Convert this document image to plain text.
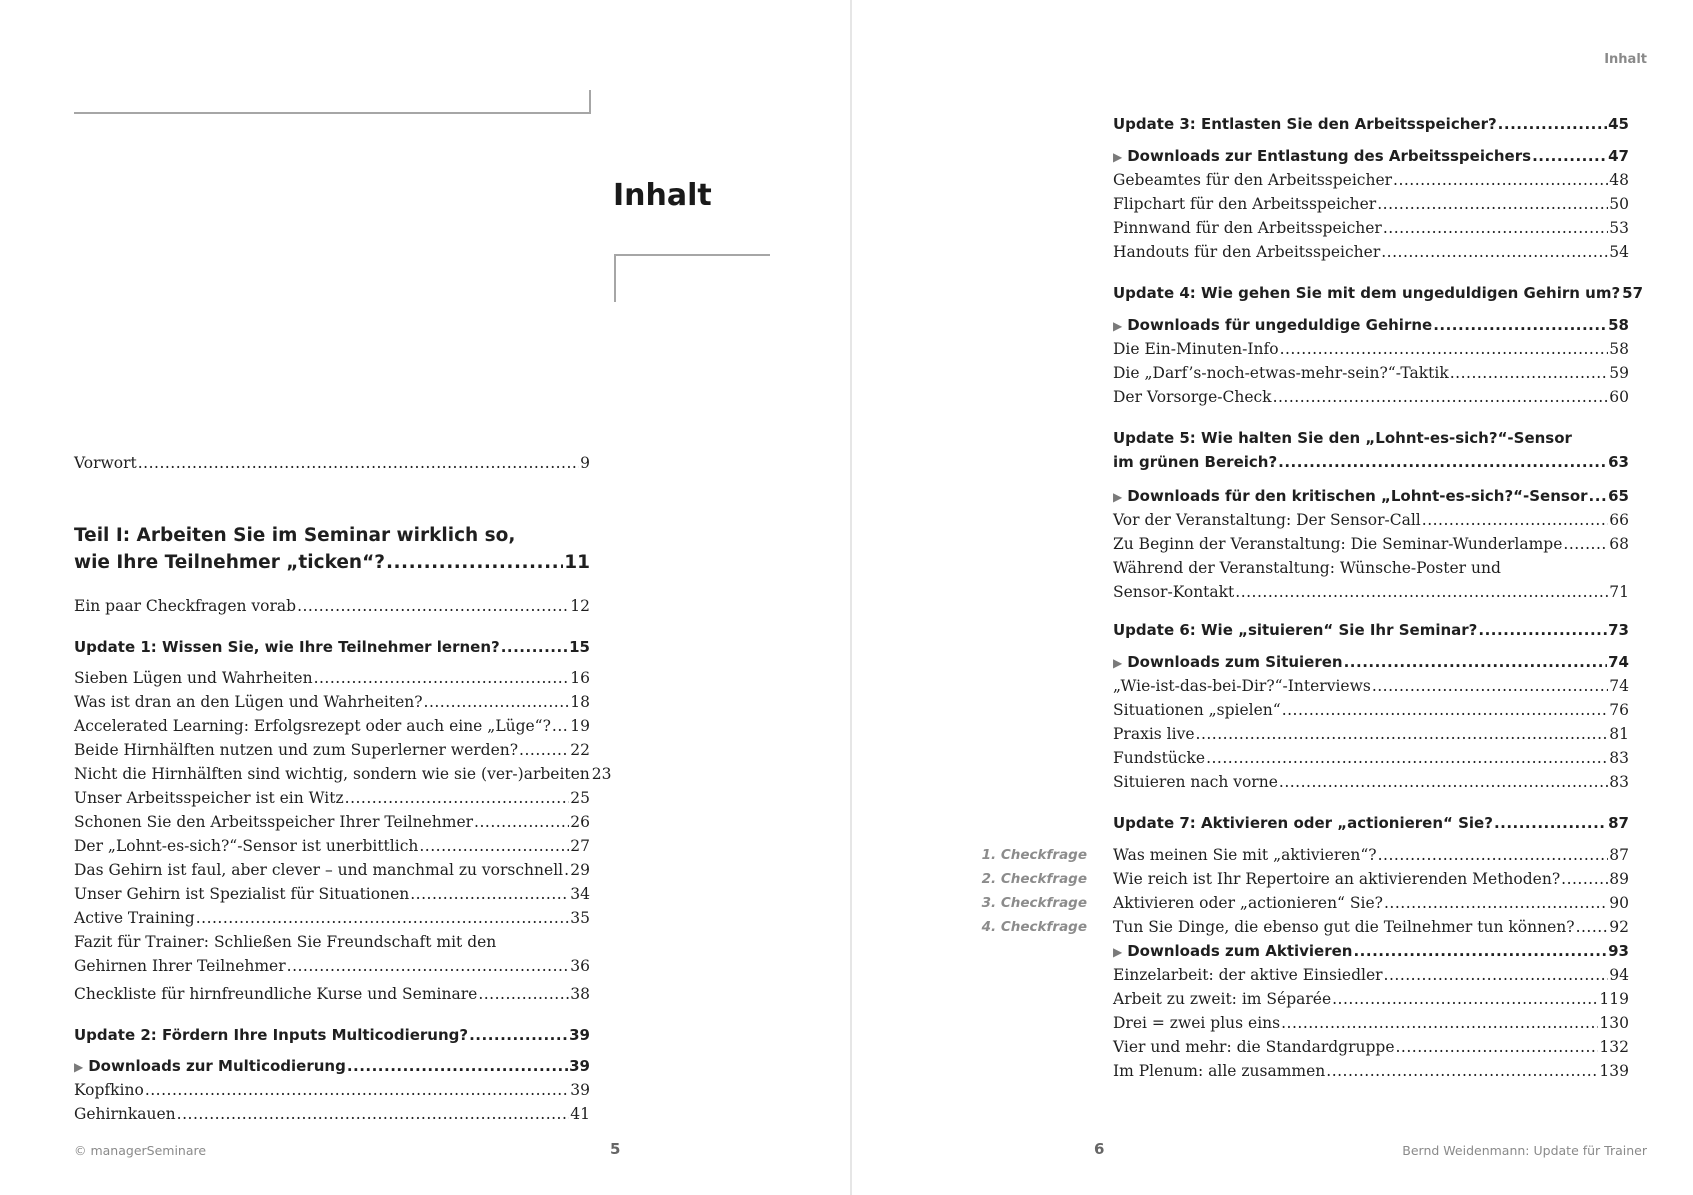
Inhalt
Vorwort .....	9
Teil I: Arbeiten Sie im Seminar wirklich so,
wie Ihre Teilnehmer „ticken“? .....	11
Ein paar Checkfragen vorab .....	12
Update 1: Wissen Sie, wie Ihre Teilnehmer lernen? .....	15
Sieben Lügen und Wahrheiten .....	16
Was ist dran an den Lügen und Wahrheiten? .....	18
Accelerated Learning: Erfolgsrezept oder auch eine „Lüge“? ..... 19
Beide Hirnhälften nutzen und zum Superlerner werden? .....	22
Nicht die Hirnhälften sind wichtig, sondern wie sie (ver-)arbeiten 23
Unser Arbeitsspeicher ist ein Witz .....	25
Schonen Sie den Arbeitsspeicher Ihrer Teilnehmer .....	26
Der „Lohnt-es-sich?“-Sensor ist unerbittlich .....	27
Das Gehirn ist faul, aber clever – und manchmal zu vorschnell ..... 29
Unser Gehirn ist Spezialist für Situationen .....	34
Active Training .....	35
Fazit für Trainer: Schließen Sie Freundschaft mit den
Gehirnen Ihrer Teilnehmer .....	36
Checkliste für hirnfreundliche Kurse und Seminare .....	38
Update 2: Fördern Ihre Inputs Multicodierung? .....	39
▶ Downloads zur Multicodierung .....	39
Kopfkino .....	39
Gehirnkauen .....	41
© managerSeminare	5
Inhalt
Update 3: Entlasten Sie den Arbeitsspeicher? .....	45
▶ Downloads zur Entlastung des Arbeitsspeichers .....	47
Gebeamtes für den Arbeitsspeicher .....	48
Flipchart für den Arbeitsspeicher .....	50
Pinnwand für den Arbeitsspeicher .....	53
Handouts für den Arbeitsspeicher .....	54
Update 4: Wie gehen Sie mit dem ungeduldigen Gehirn um? 57
▶ Downloads für ungeduldige Gehirne .....	58
Die Ein-Minuten-Info .....	58
Die „Darf’s-noch-etwas-mehr-sein?“-Taktik .....	59
Der Vorsorge-Check .....	60
Update 5: Wie halten Sie den „Lohnt-es-sich?“-Sensor
im grünen Bereich? .....	63
▶ Downloads für den kritischen „Lohnt-es-sich?“-Sensor ..... 65
Vor der Veranstaltung: Der Sensor-Call .....	66
Zu Beginn der Veranstaltung: Die Seminar-Wunderlampe .....	68
Während der Veranstaltung: Wünsche-Poster und
Sensor-Kontakt .....	71
Update 6: Wie „situieren“ Sie Ihr Seminar? .....	73
▶ Downloads zum Situieren .....	74
„Wie-ist-das-bei-Dir?“-Interviews .....	74
Situationen „spielen“ .....	76
Praxis live .....	81
Fundstücke .....	83
Situieren nach vorne .....	83
Update 7: Aktivieren oder „actionieren“ Sie? .....	87
1. Checkfrage Was meinen Sie mit „aktivieren“? .....	87
2. Checkfrage Wie reich ist Ihr Repertoire an aktivierenden Methoden? .....	89
3. Checkfrage Aktivieren oder „actionieren“ Sie? .....	90
4. Checkfrage Tun Sie Dinge, die ebenso gut die Teilnehmer tun können? ..... 92
▶ Downloads zum Aktivieren .....	93
Einzelarbeit: der aktive Einsiedler .....	94
Arbeit zu zweit: im Séparée .....	119
Drei = zwei plus eins .....	130
Vier und mehr: die Standardgruppe .....	132
Im Plenum: alle zusammen .....	139
6	Bernd Weidenmann: Update für Trainer
